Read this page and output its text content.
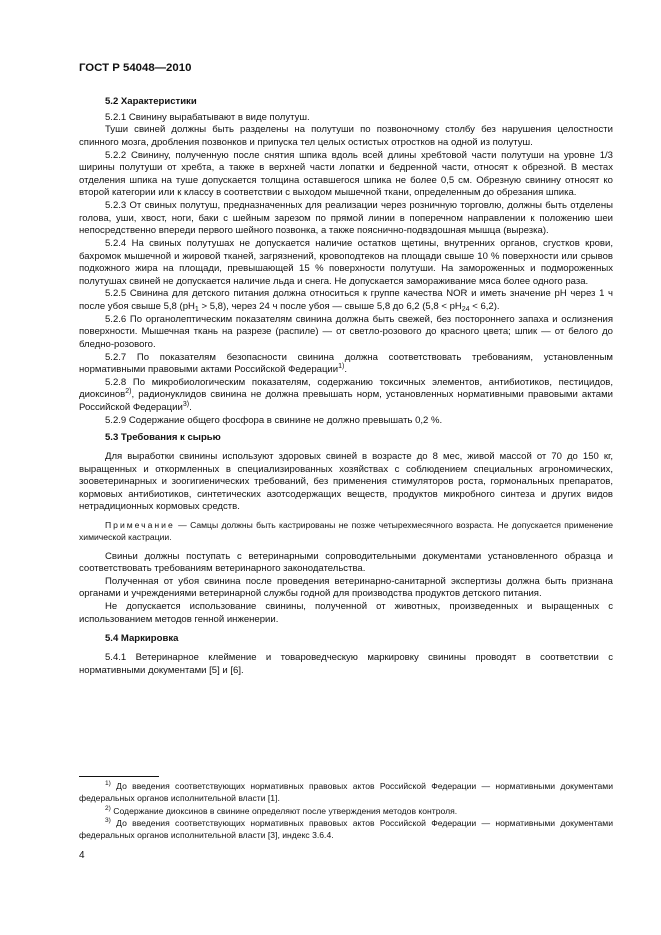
ГОСТ Р 54048—2010

5.2 Характеристики

5.2.1 Свинину вырабатывают в виде полутуш.

Туши свиней должны быть разделены на полутуши по позвоночному столбу без нарушения целостности спинного мозга, дробления позвонков и припуска тел целых остистых отростков на одной из полутуш.

5.2.2 Свинину, полученную после снятия шпика вдоль всей длины хребтовой части полутуши на уровне 1/3 ширины полутуши от хребта, а также в верхней части лопатки и бедренной части, относят к обрезной. В местах отделения шпика на туше допускается толщина оставшегося шпика не более 0,5 см. Обрезную свинину относят ко второй категории или к классу в соответствии с выходом мышечной ткани, определенным до обрезания шпика.

5.2.3 От свиных полутуш, предназначенных для реализации через розничную торговлю, должны быть отделены голова, уши, хвост, ноги, баки с шейным зарезом по прямой линии в поперечном направлении к положению шеи непосредственно впереди первого шейного позвонка, а также пояснично-подвздошная мышца (вырезка).

5.2.4 На свиных полутушах не допускается наличие остатков щетины, внутренних органов, сгустков крови, бахромок мышечной и жировой тканей, загрязнений, кровоподтеков на площади свыше 10 % поверхности или срывов подкожного жира на площади, превышающей 15 % поверхности полутуши. На замороженных и подмороженных полутушах свиней не допускается наличие льда и снега. Не допускается замораживание мяса более одного раза.

5.2.5 Свинина для детского питания должна относиться к группе качества NOR и иметь значение pH через 1 ч после убоя свыше 5,8 $(pH_1 > 5,8)$, через 24 ч после убоя — свыше 5,8 до 6,2 $(5,8 < pH_{24} < 6,2)$.

5.2.6 По органолептическим показателям свинина должна быть свежей, без постороннего запаха и ослизнения поверхности. Мышечная ткань на разрезе (распиле) — от светло-розового до красного цвета; шпик — от белого до бледно-розового.

5.2.7 По показателям безопасности свинина должна соответствовать требованиям, установленным нормативными правовыми актами Российской Федерации$^{1)}$.

5.2.8 По микробиологическим показателям, содержанию токсичных элементов, антибиотиков, пестицидов, диоксинов$^{2)}$, радионуклидов свинина не должна превышать норм, установленных нормативными правовыми актами Российской Федерации$^{3)}$.

5.2.9 Содержание общего фосфора в свинине не должно превышать 0,2 %.

5.3 Требования к сырью

Для выработки свинины используют здоровых свиней в возрасте до 8 мес, живой массой от 70 до 150 кг, выращенных и откормленных в специализированных хозяйствах с соблюдением специальных агрономических, зооветеринарных и зоогигиенических требований, без применения стимуляторов роста, гормональных препаратов, кормовых антибиотиков, синтетических азотсодержащих веществ, продуктов микробного синтеза и других видов нетрадиционных кормовых средств.

Примечание — Самцы должны быть кастрированы не позже четырехмесячного возраста. Не допускается применение химической кастрации.

Свиньи должны поступать с ветеринарными сопроводительными документами установленного образца и соответствовать требованиям ветеринарного законодательства.

Полученная от убоя свинина после проведения ветеринарно-санитарной экспертизы должна быть признана органами и учреждениями ветеринарной службы годной для производства продуктов детского питания.

Не допускается использование свинины, полученной от животных, произведенных и выращенных с использованием методов генной инженерии.

5.4 Маркировка

5.4.1 Ветеринарное клеймение и товароведческую маркировку свинины проводят в соответствии с нормативными документами [5] и [6].

$^{1)}$ До введения соответствующих нормативных правовых актов Российской Федерации — нормативными документами федеральных органов исполнительной власти [1].

$^{2)}$ Содержание диоксинов в свинине определяют после утверждения методов контроля.

$^{3)}$ До введения соответствующих нормативных правовых актов Российской Федерации — нормативными документами федеральных органов исполнительной власти [3], индекс 3.6.4.

4
